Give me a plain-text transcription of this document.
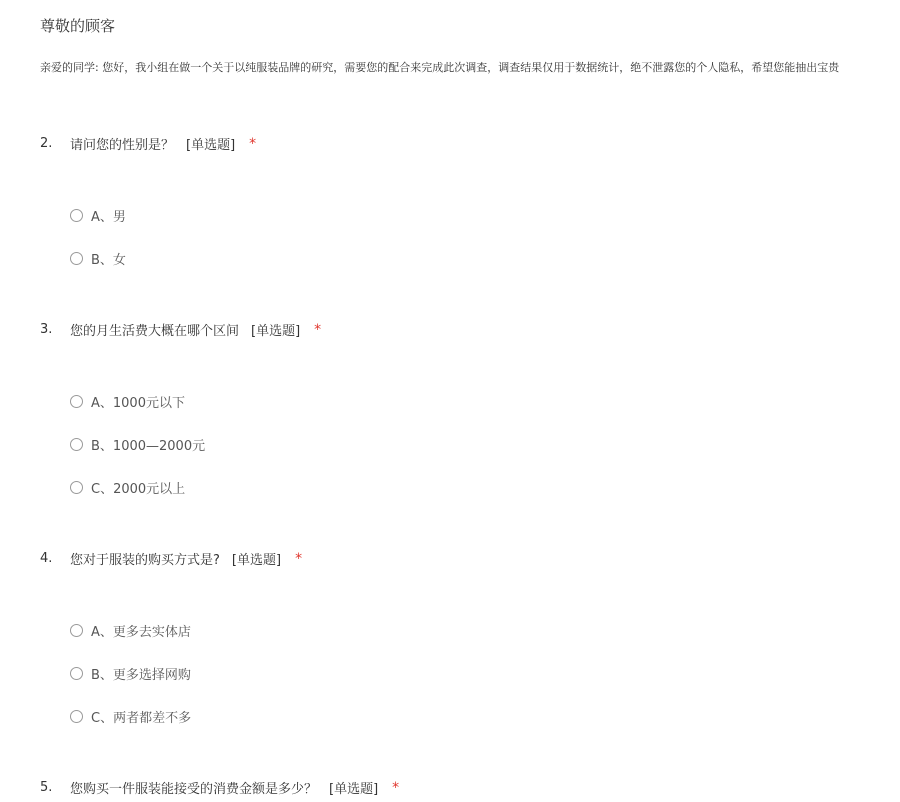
尊敬的顾客
亲爱的同学: 您好，我小组在做一个关于以纯服装品牌的研究，需要您的配合来完成此次调查，调查结果仅用于数据统计，绝不泄露您的个人隐私，希望您能抽出宝贵
2. 请问您的性别是？ [单选题] *
A、男
B、女
3. 您的月生活费大概在哪个区间 [单选题] *
A、1000元以下
B、1000—2000元
C、2000元以上
4. 您对于服装的购买方式是? [单选题] *
A、更多去实体店
B、更多选择网购
C、两者都差不多
5. 您购买一件服装能接受的消费金额是多少？ [单选题] *
